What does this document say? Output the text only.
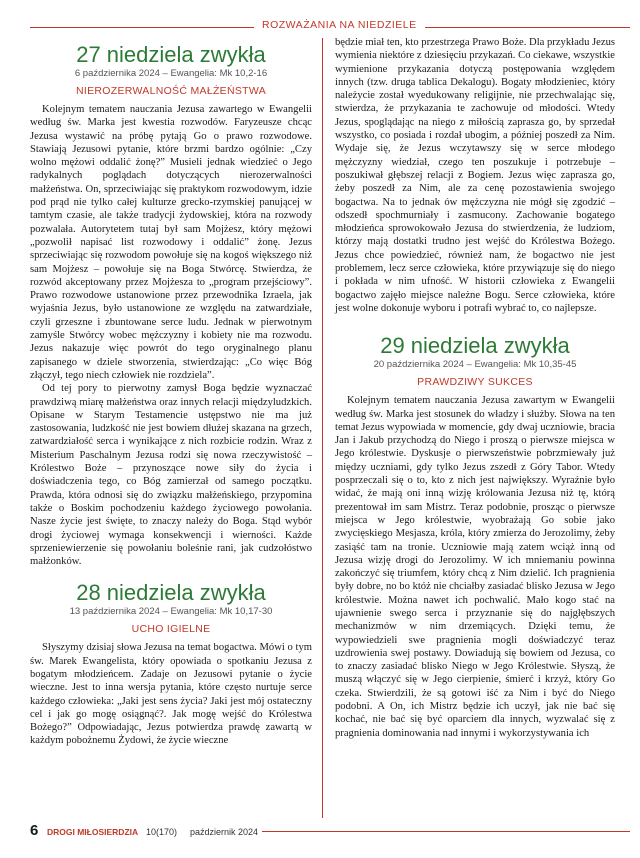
ROZWAŻANIA NA NIEDZIELE
27 niedziela zwykła
6 października 2024 – Ewangelia: Mk 10,2-16
NIEROZERWALNOŚĆ MAŁŻEŃSTWA

Kolejnym tematem nauczania Jezusa zawartego w Ewangelii według św. Marka jest kwestia rozwodów. Faryzeusze chcąc Jezusa wystawić na próbę pytają Go o prawo rozwodowe. Stawiają Jezusowi pytanie, które brzmi bardzo ogólnie: „Czy wolno mężowi oddalić żonę?” Musieli jednak wiedzieć o Jego radykalnych poglądach dotyczących nierozerwalności małżeństwa. On, sprzeciwiając się praktykom rozwodowym, idzie pod prąd nie tylko całej kulturze grecko-rzymskiej panującej w tamtym czasie, ale także tradycji żydowskiej, która na rozwody pozwalała. Autorytetem tutaj był sam Mojżesz, który mężowi „pozwolił napisać list rozwodowy i oddalić” żonę. Jezus sprzeciwiając się rozwodom powołuje się na kogoś większego niż sam Mojżesz – powołuje się na Boga Stwórcę. Stwierdza, że rozwód akceptowany przez Mojżesza to „program przejściowy”. Prawo rozwodowe ustanowione przez przewodnika Izraela, jak wyjaśnia Jezus, było ustanowione ze względu na zatwardziałe, czyli grzeszne i zbuntowane serce ludu. Jednak w pierwotnym zamyśle Stwórcy wobec mężczyzny i kobiety nie ma rozwodu. Jezus nakazuje więc powrót do tego oryginalnego planu zapisanego w dziele stworzenia, stwierdzając: „Co więc Bóg złączył, tego niech człowiek nie rozdziela”.

Od tej pory to pierwotny zamysł Boga będzie wyznaczać prawdziwą miarę małżeństwa oraz innych relacji międzyludzkich. Opisane w Starym Testamencie ustępstwo nie ma już zastosowania, ludzkość nie jest bowiem dłużej skazana na grzech, zatwardziałość serca i wynikające z nich rozbicie rodzin. Wraz z Misterium Paschalnym Jezusa rodzi się nowa rzeczywistość – Królestwo Boże – przynoszące nowe siły do życia i doświadczenia tego, co Bóg zamierzał od samego początku. Prawda, która odnosi się do związku małżeńskiego, przypomina także o Boskim pochodzeniu każdego życiowego powołania. Nasze życie jest święte, to znaczy należy do Boga. Stąd wybór drogi życiowej wymaga konsekwencji i wierności. Każde sprzeniewierzenie się powołaniu boleśnie rani, jak cudzołóstwo małżonków.

28 niedziela zwykła
13 października 2024 – Ewangelia: Mk 10,17-30
UCHO IGIELNE

Słyszymy dzisiaj słowa Jezusa na temat bogactwa. Mówi o tym św. Marek Ewangelista, który opowiada o spotkaniu Jezusa z bogatym młodzieńcem. Zadaje on Jezusowi pytanie o życie wieczne. Jest to inna wersja pytania, które często nurtuje serce każdego człowieka: „Jaki jest sens życia? Jaki jest mój ostateczny cel i jak go mogę osiągnąć?. Jak mogę wejść do Królestwa Bożego?” Odpowiadając, Jezus potwierdza prawdę zawartą w każdym pobożnemu Żydowi, że życie wieczne

będzie miał ten, kto przestrzega Prawo Boże. Dla przykładu Jezus wymienia niektóre z dziesięciu przykazań. Co ciekawe, wszystkie wymienione przykazania dotyczą postępowania względem innych (tzw. druga tablica Dekalogu). Bogaty młodzieniec, który należycie został wyedukowany religijnie, nie przechwalając się, stwierdza, że przykazania te zachowuje od młodości. Wtedy Jezus, spoglądając na niego z miłością zaprasza go, by sprzedał wszystko, co posiada i rozdał ubogim, a później poszedł za Nim. Wydaje się, że Jezus wczytawszy się w serce młodego mężczyzny wiedział, czego ten poszukuje i potrzebuje – poszukiwał głębszej relacji z Bogiem. Jezus więc zaprasza go, żeby poszedł za Nim, ale za cenę pozostawienia swojego bogactwa. Na to jednak ów mężczyzna nie mógł się zgodzić – odszedł spochmurniały i zasmucony. Zachowanie bogatego młodzieńca sprowokowało Jezusa do stwierdzenia, że ludziom, którzy mają dostatki trudno jest wejść do Królestwa Bożego. Jezus chce powiedzieć, również nam, że bogactwo nie jest problemem, lecz serce człowieka, które przywiązuje się do niego i pokłada w nim ufność. W historii człowieka z Ewangelii bogactwo zajęło miejsce należne Bogu. Serce człowieka, które jest wolne dokonuje wyboru i potrafi wybrać to, co najlepsze.

29 niedziela zwykła
20 października 2024 – Ewangelia: Mk 10,35-45
PRAWDZIWY SUKCES

Kolejnym tematem nauczania Jezusa zawartym w Ewangelii według św. Marka jest stosunek do władzy i służby. Słowa na ten temat Jezus wypowiada w momencie, gdy dwaj uczniowie, bracia Jan i Jakub przychodzą do Niego i proszą o pierwsze miejsca w Jego królestwie. Dyskusje o pierwszeństwie pobrzmiewały już między uczniami, gdy tylko Jezus zszedł z Góry Tabor. Wtedy posprzeczali się o to, kto z nich jest największy. Wyraźnie było widać, że mają oni inną wizję królowania Jezusa niż tę, którą prezentował im sam Mistrz. Teraz podobnie, prosząc o pierwsze miejsca w Jego królestwie, wyobrażają Go sobie jako zwycięskiego Mesjasza, króla, który zmierza do Jerozolimy, żeby zasiąść tam na tronie. Uczniowie mają zatem wciąż inną od Jezusa wizję drogi do Jerozolimy. W ich mniemaniu powinna zakończyć się triumfem, który chcą z Nim dzielić. Ich pragnienia były dobre, no bo któż nie chciałby zasiadać blisko Jezusa w Jego królestwie. Można nawet ich pochwalić. Mało kogo stać na ujawnienie swego serca i przyznanie się do najgłębszych mechanizmów w nim drzemiących. Dzięki temu, że wypowiedzieli swe pragnienia mogli doświadczyć teraz uzdrowienia swej postawy. Dowiadują się bowiem od Jezusa, co to znaczy zasiadać blisko Niego w Jego Królestwie. Słyszą, że muszą włączyć się w Jego cierpienie, śmierć i krzyż, który Go czeka. Stwierdzili, że są gotowi iść za Nim i być do Niego podobni. A On, ich Mistrz będzie ich uczył, jak nie bać się kochać, nie bać się być oparciem dla innych, wyzwalać się z pragnienia dominowania nad innymi i wykorzystywania ich

6 DROGI MIŁOSIERDZIA 10(170) październik 2024
